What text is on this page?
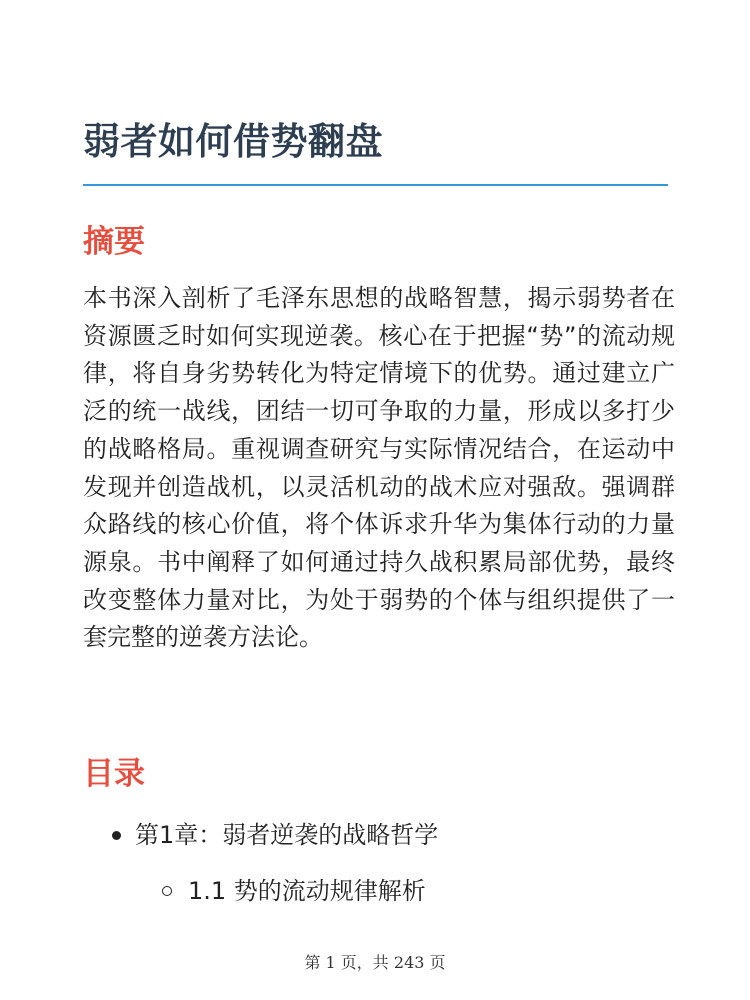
弱者如何借势翻盘
摘要

本书深入剖析了毛泽东思想的战略智慧，揭示弱势者在资源匮乏时如何实现逆袭。核心在于把握“势”的流动规律，将自身劣势转化为特定情境下的优势。通过建立广泛的统一战线，团结一切可争取的力量，形成以多打少的战略格局。重视调查研究与实际情况结合，在运动中发现并创造战机，以灵活机动的战术应对强敌。强调群众路线的核心价值，将个体诉求升华为集体行动的力量源泉。书中阐释了如何通过持久战积累局部优势，最终改变整体力量对比，为处于弱势的个体与组织提供了一套完整的逆袭方法论。

目录
第1章：弱者逆袭的战略哲学
1.1 势的流动规律解析
第 1 页，共 243 页
